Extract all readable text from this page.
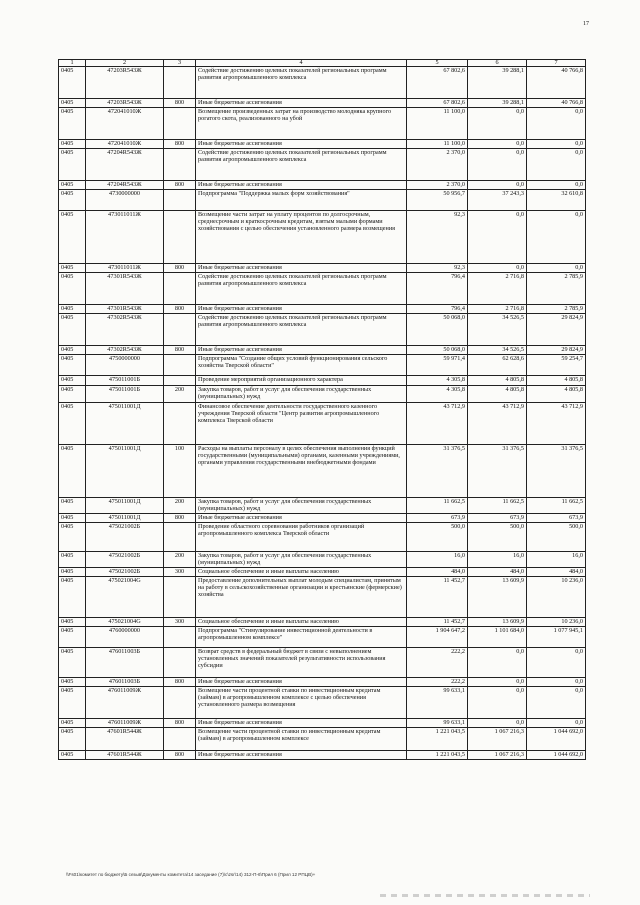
17
1	2	3	4	5	6	7
0405	47203R543Ж		Содействие достижению целевых показателей региональных программ развития агропромышленного комплекса	67 802,6	39 288,1	40 766,8
0405	47203R543Ж	800	Иные бюджетные ассигнования	67 802,6	39 288,1	40 766,8
0405	472041010Ж		Возмещение произведенных затрат на производство молодняка крупного рогатого скота, реализованного на убой	11 100,0	0,0	0,0
0405	472041010Ж	800	Иные бюджетные ассигнования	11 100,0	0,0	0,0
0405	47204R543Ж		Содействие достижению целевых показателей региональных программ развития агропромышленного комплекса	2 370,0	0,0	0,0
0405	47204R543Ж	800	Иные бюджетные ассигнования	2 370,0	0,0	0,0
0405	4730000000		Подпрограмма "Поддержка малых форм хозяйствования"	50 956,7	37 243,3	32 610,8
0405	473011011Ж		Возмещение части затрат на уплату процентов по долгосрочным, среднесрочным и краткосрочным кредитам, взятым малыми формами хозяйствования с целью обеспечения установленного размера возмещения	92,3	0,0	0,0
0405	473011011Ж	800	Иные бюджетные ассигнования	92,3	0,0	0,0
0405	47301R543Ж		Содействие достижению целевых показателей региональных программ развития агропромышленного комплекса	796,4	2 716,8	2 785,9
0405	47301R543Ж	800	Иные бюджетные ассигнования	796,4	2 716,8	2 785,9
0405	47302R543Ж		Содействие достижению целевых показателей региональных программ развития агропромышленного комплекса	50 068,0	34 526,5	29 824,9
0405	47302R543Ж	800	Иные бюджетные ассигнования	50 068,0	34 526,5	29 824,9
0405	4750000000		Подпрограмма "Создание общих условий функционирования сельского хозяйства Тверской области"	59 971,4	62 628,6	59 254,7
0405	475011001Б		Проведение мероприятий организационного характера	4 305,8	4 805,8	4 805,8
0405	475011001Б	200	Закупка товаров, работ и услуг для обеспечения государственных (муниципальных) нужд	4 305,8	4 805,8	4 805,8
0405	475011001Д		Финансовое обеспечение деятельности государственного казенного учреждения Тверской области "Центр развития агропромышленного комплекса Тверской области	43 712,9	43 712,9	43 712,9
0405	475011001Д	100	Расходы на выплаты персоналу в целях обеспечения выполнения функций государственными (муниципальными) органами, казенными учреждениями, органами управления государственными внебюджетными фондами	31 376,5	31 376,5	31 376,5
0405	475011001Д	200	Закупка товаров, работ и услуг для обеспечения государственных (муниципальных) нужд	11 662,5	11 662,5	11 662,5
0405	475011001Д	800	Иные бюджетные ассигнования	673,9	673,9	673,9
0405	475021002Б		Проведение областного соревнования работников организаций агропромышленного комплекса Тверской области	500,0	500,0	500,0
0405	475021002Б	200	Закупка товаров, работ и услуг для обеспечения государственных (муниципальных) нужд	16,0	16,0	16,0
0405	475021002Б	300	Социальное обеспечение и иные выплаты населению	484,0	484,0	484,0
0405	475021004G		Предоставление дополнительных выплат молодым специалистам, принятым на работу в сельскохозяйственные организации и крестьянские (фермерские) хозяйства	11 452,7	13 609,9	10 236,0
0405	475021004G	300	Социальное обеспечение и иные выплаты населению	11 452,7	13 609,9	10 236,0
0405	4760000000		Подпрограмма "Стимулирование инвестиционной деятельности в агропромышленном комплексе"	1 904 647,2	1 101 684,0	1 077 945,1
0405	476011003Б		Возврат средств в федеральный бюджет в связи с невыполнением установленных значений показателей результативности использования субсидии	222,2	0,0	0,0
0405	476011003Б	800	Иные бюджетные ассигнования	222,2	0,0	0,0
0405	476011009Ж		Возмещение части процентной ставки по инвестиционным кредитам (займам) в агропромышленном комплексе с целью обеспечения установленного размера возмещения	99 633,1	0,0	0,0
0405	476011009Ж	800	Иные бюджетные ассигнования	99 633,1	0,0	0,0
0405	47601R544Ж		Возмещение части процентной ставки по инвестиционным кредитам (займам) в агропромышленном комплексе	1 221 043,5	1 067 216,3	1 044 692,0
0405	47601R544Ж	800	Иные бюджетные ассигнования	1 221 043,5	1 067 216,3	1 044 692,0
\\Fs01\комитет по бюджету\Б сезыв\Документы комитета\14 заседание (7)\с\zsr\14) 312-П-6\Прил 6 (Прил 12 РПЦВ)+
